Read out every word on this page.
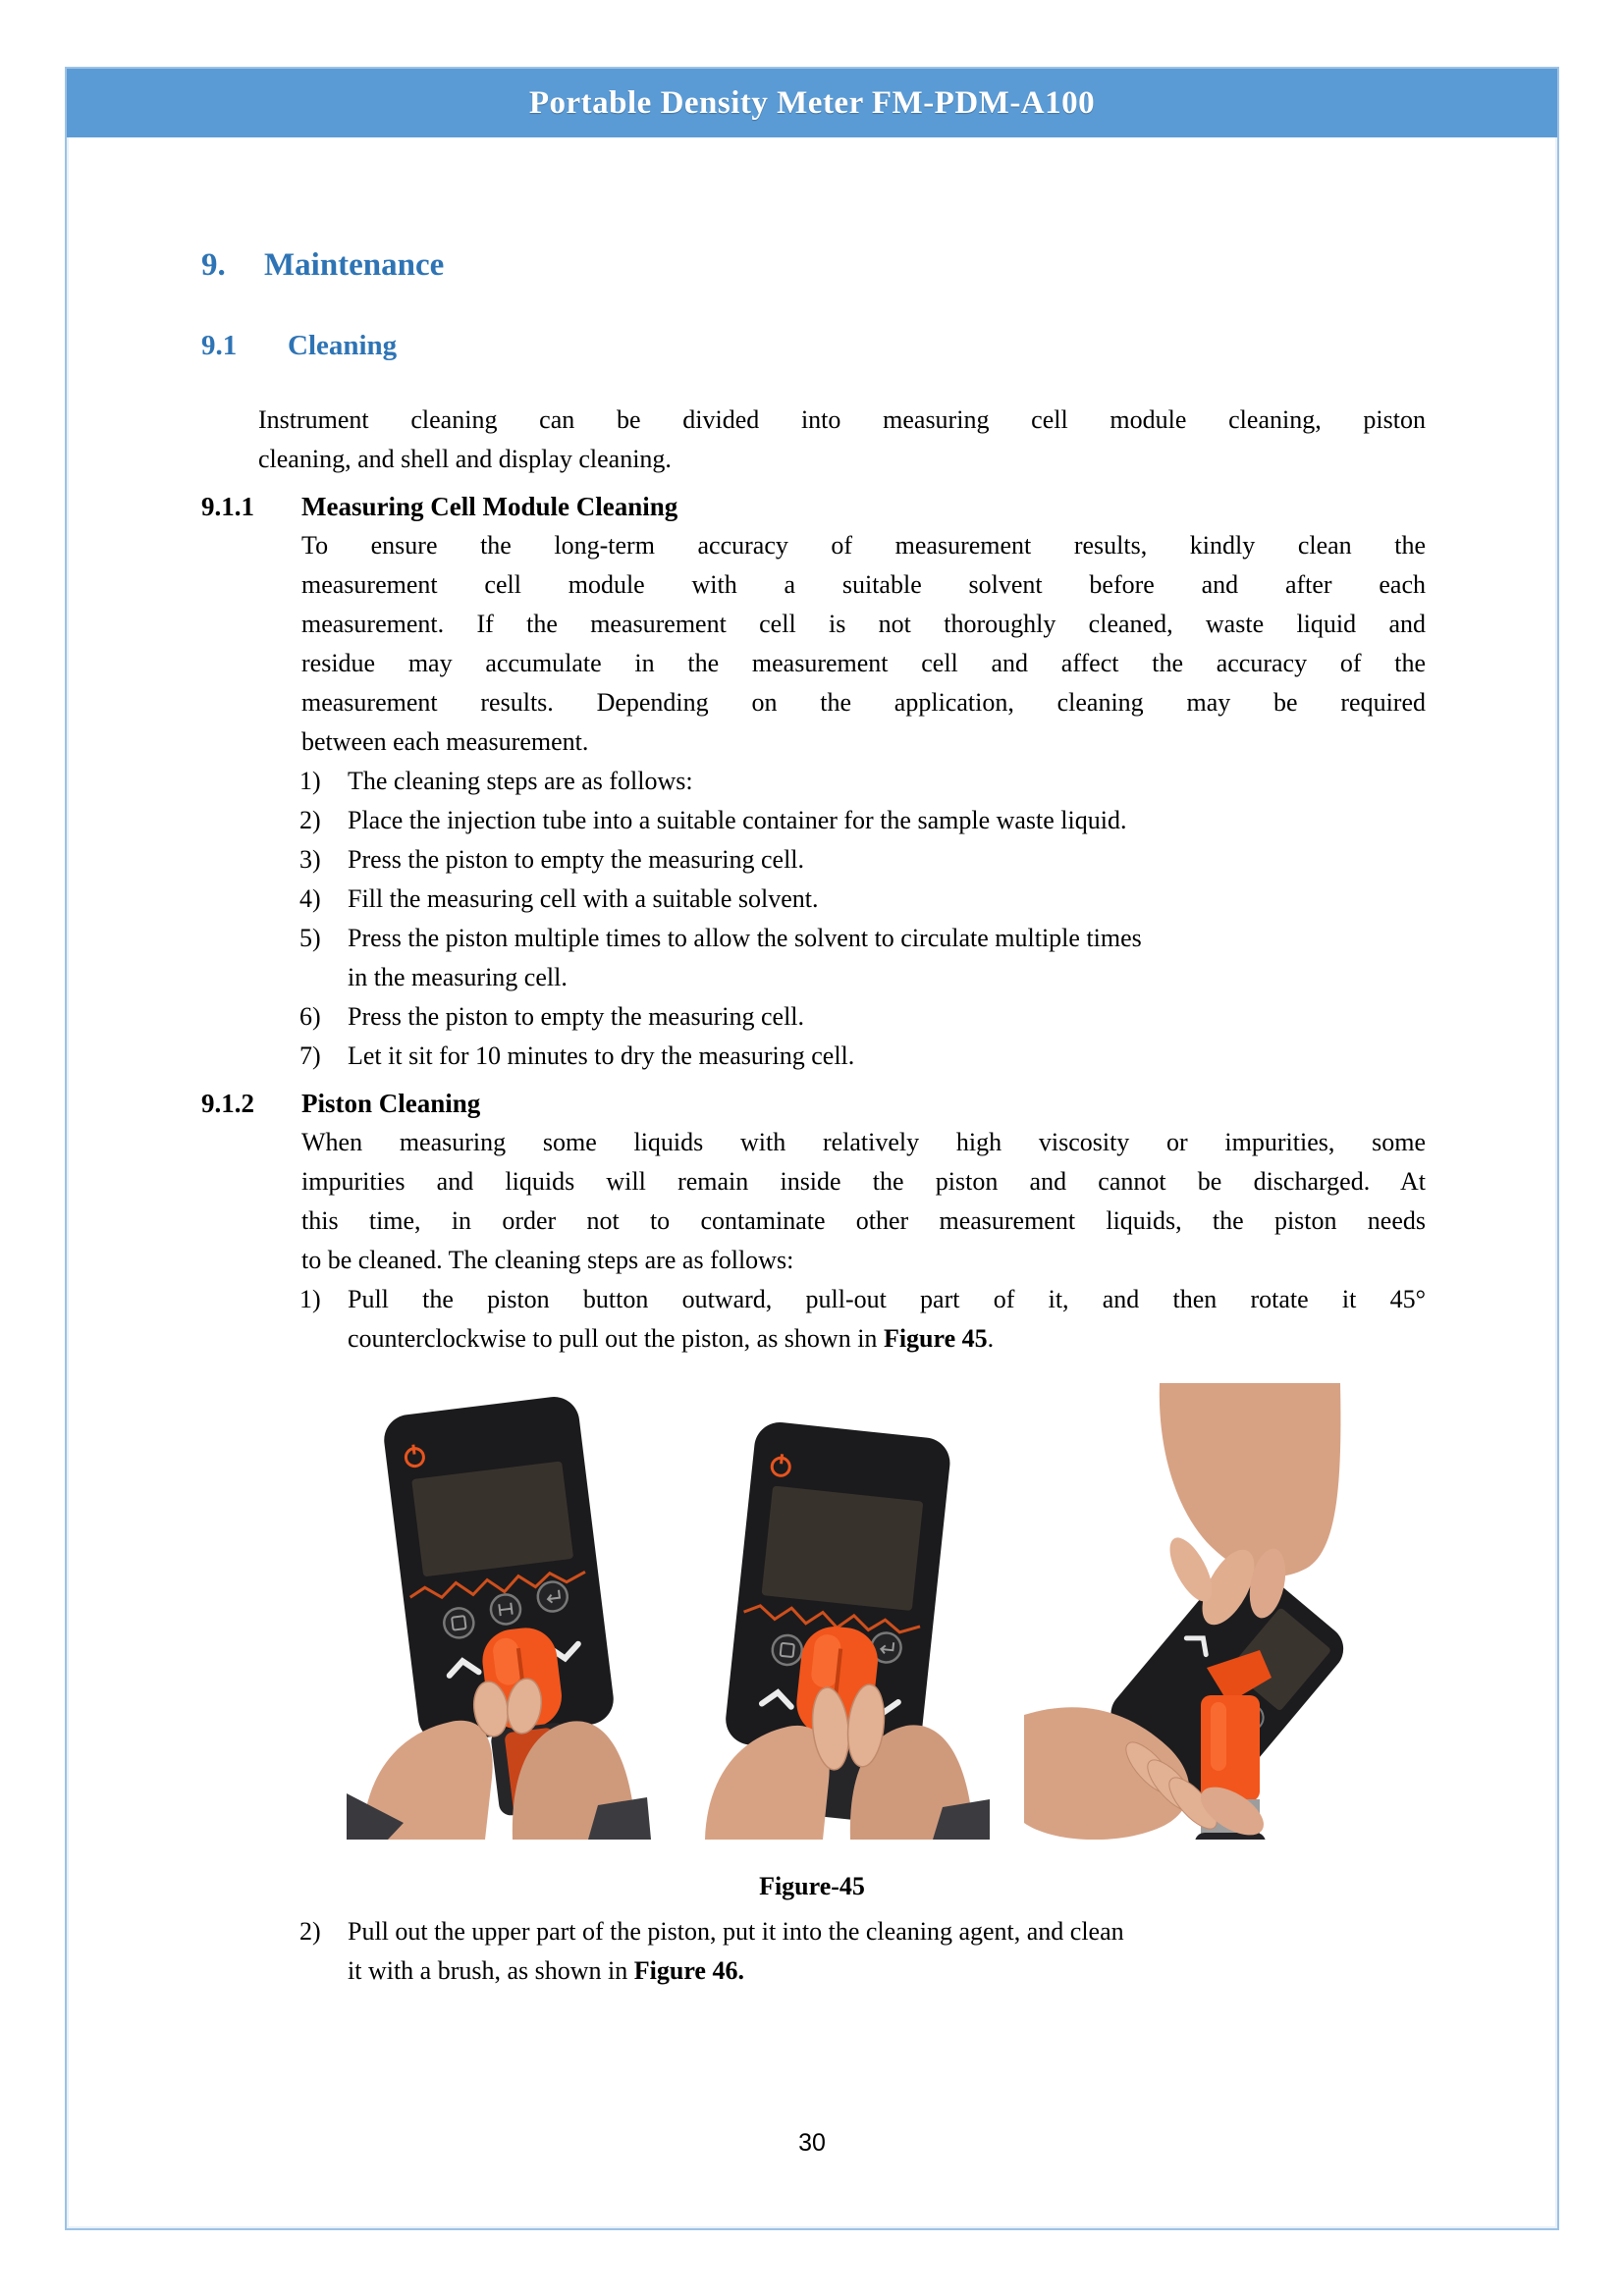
Portable Density Meter FM-PDM-A100
9. Maintenance
9.1 Cleaning
Instrument cleaning can be divided into measuring cell module cleaning, piston
cleaning, and shell and display cleaning.
9.1.1 Measuring Cell Module Cleaning
To ensure the long-term accuracy of measurement results, kindly clean the
measurement cell module with a suitable solvent before and after each
measurement. If the measurement cell is not thoroughly cleaned, waste liquid and
residue may accumulate in the measurement cell and affect the accuracy of the
measurement results. Depending on the application, cleaning may be required
between each measurement.
1) The cleaning steps are as follows:
2) Place the injection tube into a suitable container for the sample waste liquid.
3) Press the piston to empty the measuring cell.
4) Fill the measuring cell with a suitable solvent.
5) Press the piston multiple times to allow the solvent to circulate multiple times
in the measuring cell.
6) Press the piston to empty the measuring cell.
7) Let it sit for 10 minutes to dry the measuring cell.
9.1.2 Piston Cleaning
When measuring some liquids with relatively high viscosity or impurities, some
impurities and liquids will remain inside the piston and cannot be discharged. At
this time, in order not to contaminate other measurement liquids, the piston needs
to be cleaned. The cleaning steps are as follows:
1) Pull the piston button outward, pull-out part of it, and then rotate it 45°
counterclockwise to pull out the piston, as shown in Figure 45.
Figure-45
2) Pull out the upper part of the piston, put it into the cleaning agent, and clean
it with a brush, as shown in Figure 46.
30
